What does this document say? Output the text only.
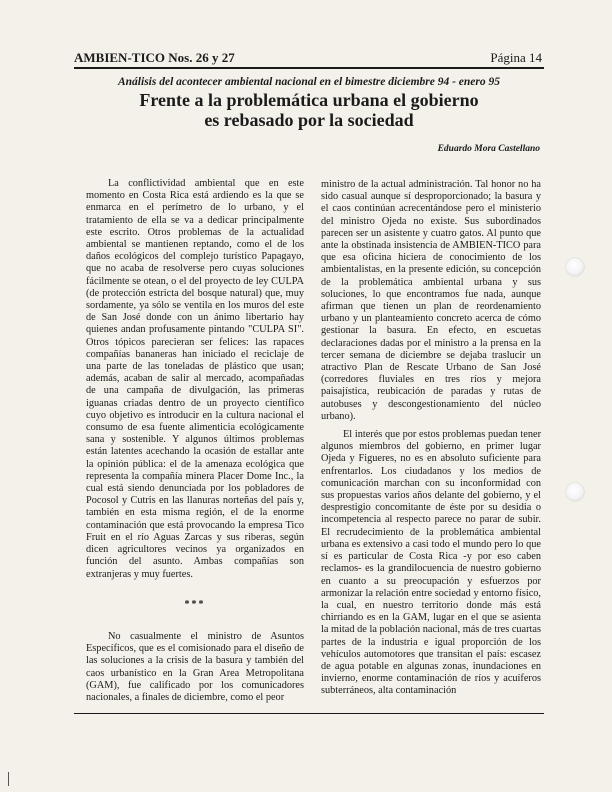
AMBIEN-TICO Nos. 26 y 27	Página 14
Análisis del acontecer ambiental nacional en el bimestre diciembre 94 - enero 95
Frente a la problemática urbana el gobierno
es rebasado por la sociedad
Eduardo Mora Castellano

La conflictividad ambiental que en este momento en Costa Rica está ardiendo es la que se enmarca en el perímetro de lo urbano, y el tratamiento de ella se va a dedicar principalmente este escrito. Otros problemas de la actualidad ambiental se mantienen reptando, como el de los daños ecológicos del complejo turístico Papagayo, que no acaba de resolverse pero cuyas soluciones fácilmente se otean, o el del proyecto de ley CULPA (de protección estricta del bosque natural) que, muy sordamente, ya sólo se ventila en los muros del este de San José donde con un ánimo libertario hay quienes andan profusamente pintando "CULPA SI". Otros tópicos parecieran ser felices: las rapaces compañías bananeras han iniciado el reciclaje de una parte de las toneladas de plástico que usan; además, acaban de salir al mercado, acompañadas de una campaña de divulgación, las primeras iguanas criadas dentro de un proyecto científico cuyo objetivo es introducir en la cultura nacional el consumo de esa fuente alimenticia ecológicamente sana y sostenible. Y algunos últimos problemas están latentes acechando la ocasión de estallar ante la opinión pública: el de la amenaza ecológica que representa la compañía minera Placer Dome Inc., la cual está siendo denunciada por los pobladores de Pocosol y Cutris en las llanuras norteñas del país y, también en esta misma región, el de la enorme contaminación que está provocando la empresa Tico Fruit en el río Aguas Zarcas y sus riberas, según dicen agricultores vecinos ya organizados en función del asunto. Ambas compañías son extranjeras y muy fuertes.

***

No casualmente el ministro de Asuntos Específicos, que es el comisionado para el diseño de las soluciones a la crisis de la basura y también del caos urbanístico en la Gran Area Metropolitana (GAM), fue calificado por los comunicadores nacionales, a finales de diciembre, como el peor

ministro de la actual administración. Tal honor no ha sido casual aunque sí desproporcionado; la basura y el caos continúan acrecentándose pero el ministerio del ministro Ojeda no existe. Sus subordinados parecen ser un asistente y cuatro gatos. Al punto que ante la obstinada insistencia de AMBIEN-TICO para que esa oficina hiciera de conocimiento de los ambientalistas, en la presente edición, su concepción de la problemática ambiental urbana y sus soluciones, lo que encontramos fue nada, aunque afirman que tienen un plan de reordenamiento urbano y un planteamiento concreto acerca de cómo gestionar la basura. En efecto, en escuetas declaraciones dadas por el ministro a la prensa en la tercer semana de diciembre se dejaba traslucir un atractivo Plan de Rescate Urbano de San José (corredores fluviales en tres ríos y mejora paisajística, reubicación de paradas y rutas de autobuses y descongestionamiento del núcleo urbano).

El interés que por estos problemas puedan tener algunos miembros del gobierno, en primer lugar Ojeda y Figueres, no es en absoluto suficiente para enfrentarlos. Los ciudadanos y los medios de comunicación marchan con su inconformidad con sus propuestas varios años delante del gobierno, y el desprestigio concomitante de éste por su desidia o incompetencia al respecto parece no parar de subir. El recrudecimiento de la problemática ambiental urbana es extensivo a casi todo el mundo pero lo que sí es particular de Costa Rica -y por eso caben reclamos- es la grandilocuencia de nuestro gobierno en cuanto a su preocupación y esfuerzos por armonizar la relación entre sociedad y entorno físico, la cual, en nuestro territorio donde más está chirriando es en la GAM, lugar en el que se asienta la mitad de la población nacional, más de tres cuartas partes de la industria e igual proporción de los vehículos automotores que transitan el país: escasez de agua potable en algunas zonas, inundaciones en invierno, enorme contaminación de ríos y acuíferos subterráneos, alta contaminación
